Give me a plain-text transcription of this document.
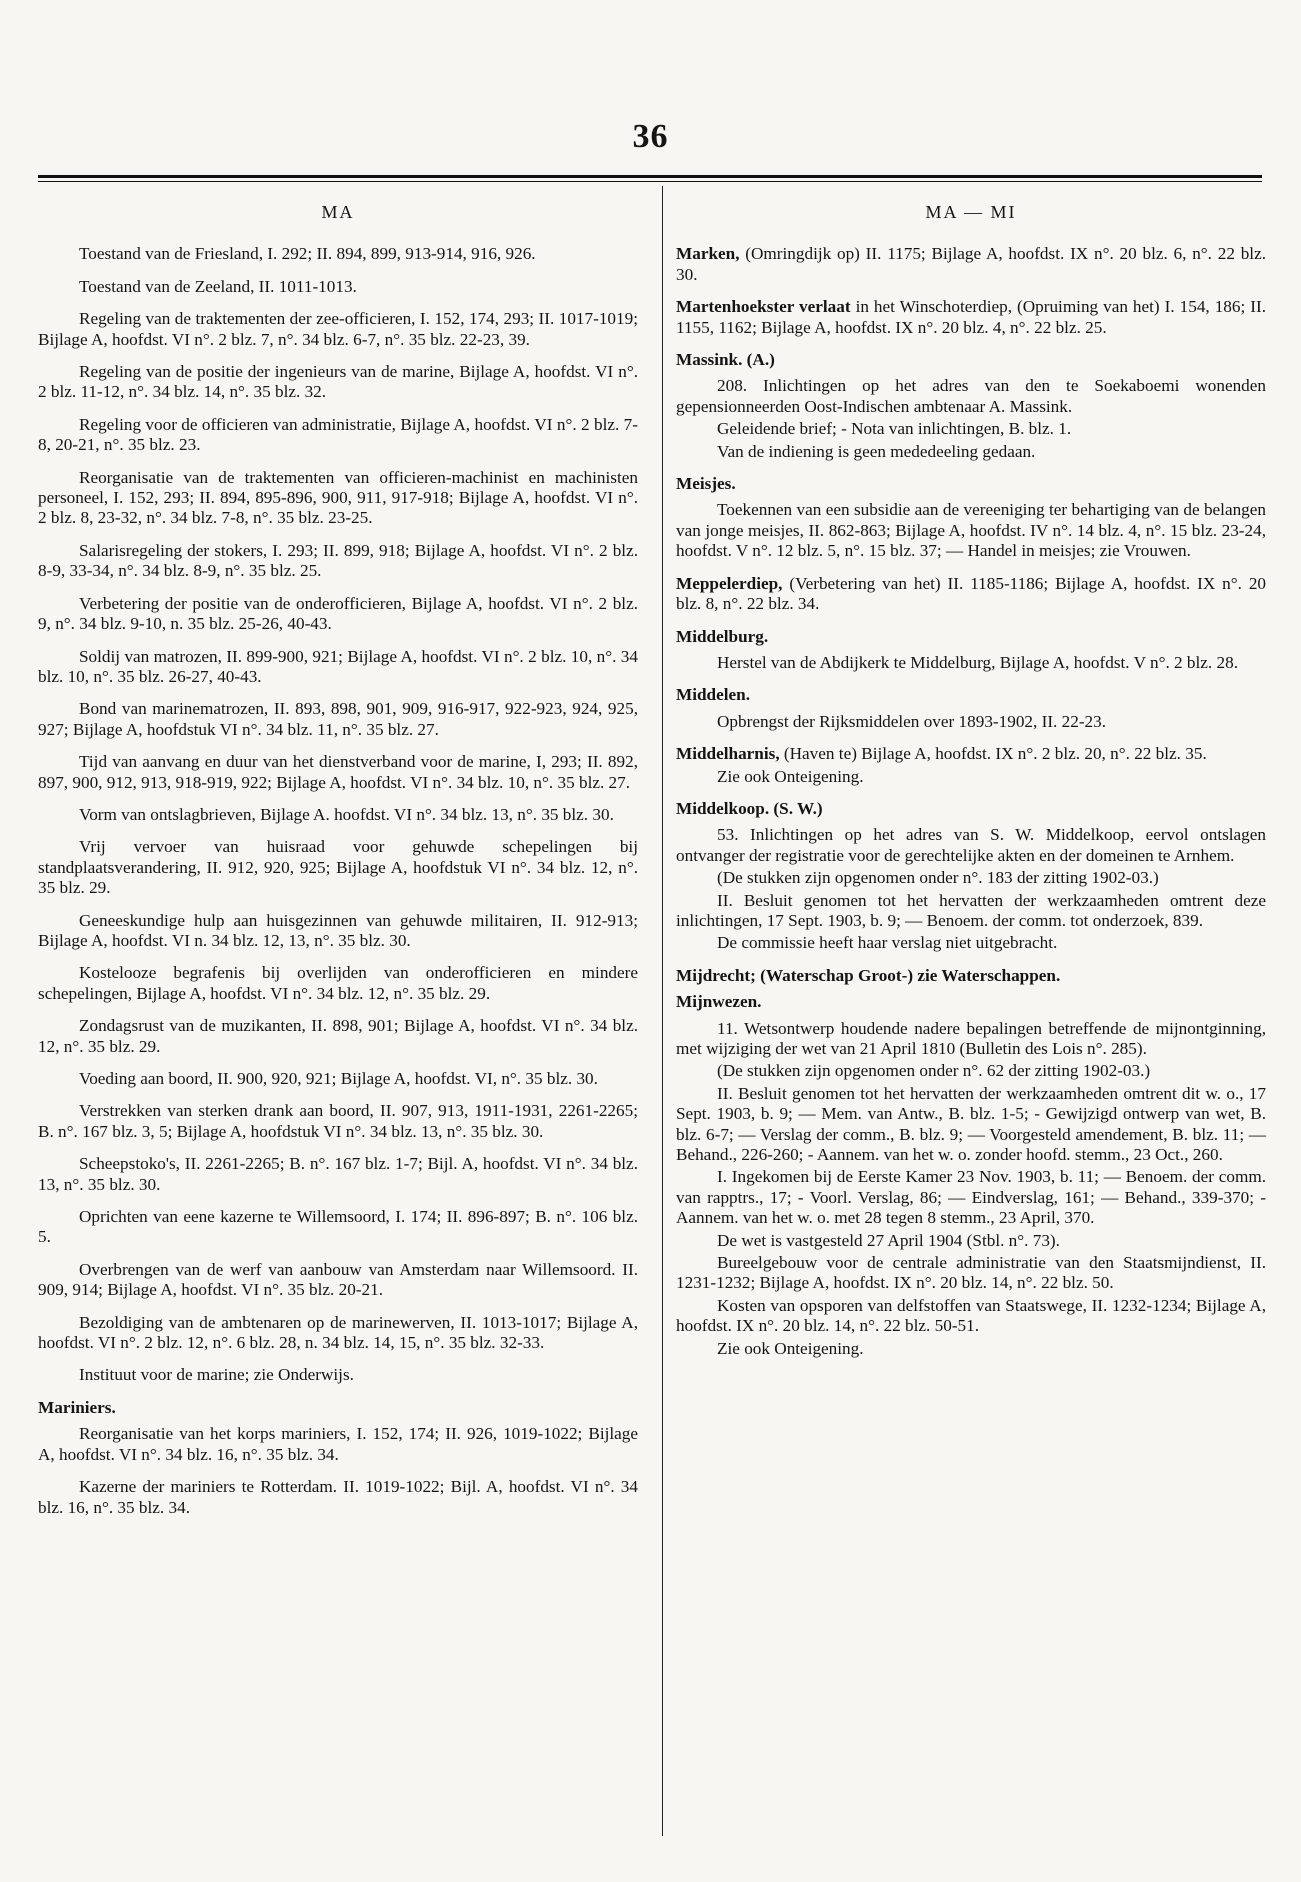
36
MA
Toestand van de Friesland, I. 292; II. 894, 899, 913-914, 916, 926.
Toestand van de Zeeland, II. 1011-1013.
Regeling van de traktementen der zee-officieren, I. 152, 174, 293; II. 1017-1019; Bijlage A, hoofdst. VI n°. 2 blz. 7, n°. 34 blz. 6-7, n°. 35 blz. 22-23, 39.
Regeling van de positie der ingenieurs van de marine, Bijlage A, hoofdst. VI n°. 2 blz. 11-12, n°. 34 blz. 14, n°. 35 blz. 32.
Regeling voor de officieren van administratie, Bijlage A, hoofdst. VI n°. 2 blz. 7-8, 20-21, n°. 35 blz. 23.
Reorganisatie van de traktementen van officieren-machinist en machinisten personeel, I. 152, 293; II. 894, 895-896, 900, 911, 917-918; Bijlage A, hoofdst. VI n°. 2 blz. 8, 23-32, n°. 34 blz. 7-8, n°. 35 blz. 23-25.
Salarisregeling der stokers, I. 293; II. 899, 918; Bijlage A, hoofdst. VI n°. 2 blz. 8-9, 33-34, n°. 34 blz. 8-9, n°. 35 blz. 25.
Verbetering der positie van de onderofficieren, Bijlage A, hoofdst. VI n°. 2 blz. 9, n°. 34 blz. 9-10, n. 35 blz. 25-26, 40-43.
Soldij van matrozen, II. 899-900, 921; Bijlage A, hoofdst. VI n°. 2 blz. 10, n°. 34 blz. 10, n°. 35 blz. 26-27, 40-43.
Bond van marinematrozen, II. 893, 898, 901, 909, 916-917, 922-923, 924, 925, 927; Bijlage A, hoofdstuk VI n°. 34 blz. 11, n°. 35 blz. 27.
Tijd van aanvang en duur van het dienstverband voor de marine, I, 293; II. 892, 897, 900, 912, 913, 918-919, 922; Bijlage A, hoofdst. VI n°. 34 blz. 10, n°. 35 blz. 27.
Vorm van ontslagbrieven, Bijlage A. hoofdst. VI n°. 34 blz. 13, n°. 35 blz. 30.
Vrij vervoer van huisraad voor gehuwde schepelingen bij standplaatsverandering, II. 912, 920, 925; Bijlage A, hoofdstuk VI n°. 34 blz. 12, n°. 35 blz. 29.
Geneeskundige hulp aan huisgezinnen van gehuwde militairen, II. 912-913; Bijlage A, hoofdst. VI n. 34 blz. 12, 13, n°. 35 blz. 30.
Kostelooze begrafenis bij overlijden van onderofficieren en mindere schepelingen, Bijlage A, hoofdst. VI n°. 34 blz. 12, n°. 35 blz. 29.
Zondagsrust van de muzikanten, II. 898, 901; Bijlage A, hoofdst. VI n°. 34 blz. 12, n°. 35 blz. 29.
Voeding aan boord, II. 900, 920, 921; Bijlage A, hoofdst. VI, n°. 35 blz. 30.
Verstrekken van sterken drank aan boord, II. 907, 913, 1911-1931, 2261-2265; B. n°. 167 blz. 3, 5; Bijlage A, hoofdstuk VI n°. 34 blz. 13, n°. 35 blz. 30.
Scheepstoko's, II. 2261-2265; B. n°. 167 blz. 1-7; Bijl. A, hoofdst. VI n°. 34 blz. 13, n°. 35 blz. 30.
Oprichten van eene kazerne te Willemsoord, I. 174; II. 896-897; B. n°. 106 blz. 5.
Overbrengen van de werf van aanbouw van Amsterdam naar Willemsoord. II. 909, 914; Bijlage A, hoofdst. VI n°. 35 blz. 20-21.
Bezoldiging van de ambtenaren op de marinewerven, II. 1013-1017; Bijlage A, hoofdst. VI n°. 2 blz. 12, n°. 6 blz. 28, n. 34 blz. 14, 15, n°. 35 blz. 32-33.
Instituut voor de marine; zie Onderwijs.
Mariniers.
Reorganisatie van het korps mariniers, I. 152, 174; II. 926, 1019-1022; Bijlage A, hoofdst. VI n°. 34 blz. 16, n°. 35 blz. 34.
Kazerne der mariniers te Rotterdam. II. 1019-1022; Bijl. A, hoofdst. VI n°. 34 blz. 16, n°. 35 blz. 34.
MA — MI
Marken, (Omringdijk op) II. 1175; Bijlage A, hoofdst. IX n°. 20 blz. 6, n°. 22 blz. 30.
Martenhoekster verlaat in het Winschoterdiep, (Opruiming van het) I. 154, 186; II. 1155, 1162; Bijlage A, hoofdst. IX n°. 20 blz. 4, n°. 22 blz. 25.
Massink. (A.)
208. Inlichtingen op het adres van den te Soekaboemi wonenden gepensionneerden Oost-Indischen ambtenaar A. Massink.
Geleidende brief; - Nota van inlichtingen, B. blz. 1.
Van de indiening is geen mededeeling gedaan.
Meisjes.
Toekennen van een subsidie aan de vereeniging ter behartiging van de belangen van jonge meisjes, II. 862-863; Bijlage A, hoofdst. IV n°. 14 blz. 4, n°. 15 blz. 23-24, hoofdst. V n°. 12 blz. 5, n°. 15 blz. 37; — Handel in meisjes; zie Vrouwen.
Meppelerdiep, (Verbetering van het) II. 1185-1186; Bijlage A, hoofdst. IX n°. 20 blz. 8, n°. 22 blz. 34.
Middelburg.
Herstel van de Abdijkerk te Middelburg, Bijlage A, hoofdst. V n°. 2 blz. 28.
Middelen.
Opbrengst der Rijksmiddelen over 1893-1902, II. 22-23.
Middelharnis, (Haven te) Bijlage A, hoofdst. IX n°. 2 blz. 20, n°. 22 blz. 35.
Zie ook Onteigening.
Middelkoop. (S. W.)
53. Inlichtingen op het adres van S. W. Middelkoop, eervol ontslagen ontvanger der registratie voor de gerechtelijke akten en der domeinen te Arnhem.
(De stukken zijn opgenomen onder n°. 183 der zitting 1902-03.)
II. Besluit genomen tot het hervatten der werkzaamheden omtrent deze inlichtingen, 17 Sept. 1903, b. 9; — Benoem. der comm. tot onderzoek, 839.
De commissie heeft haar verslag niet uitgebracht.
Mijdrecht; (Waterschap Groot-) zie Waterschappen.
Mijnwezen.
11. Wetsontwerp houdende nadere bepalingen betreffende de mijnontginning, met wijziging der wet van 21 April 1810 (Bulletin des Lois n°. 285).
(De stukken zijn opgenomen onder n°. 62 der zitting 1902-03.)
II. Besluit genomen tot het hervatten der werkzaamheden omtrent dit w. o., 17 Sept. 1903, b. 9; — Mem. van Antw., B. blz. 1-5; - Gewijzigd ontwerp van wet, B. blz. 6-7; — Verslag der comm., B. blz. 9; — Voorgesteld amendement, B. blz. 11; — Behand., 226-260; - Aannem. van het w. o. zonder hoofd. stemm., 23 Oct., 260.
I. Ingekomen bij de Eerste Kamer 23 Nov. 1903, b. 11; — Benoem. der comm. van rapptrs., 17; - Voorl. Verslag, 86; — Eindverslag, 161; — Behand., 339-370; - Aannem. van het w. o. met 28 tegen 8 stemm., 23 April, 370.
De wet is vastgesteld 27 April 1904 (Stbl. n°. 73).
Bureelgebouw voor de centrale administratie van den Staatsmijndienst, II. 1231-1232; Bijlage A, hoofdst. IX n°. 20 blz. 14, n°. 22 blz. 50.
Kosten van opsporen van delfstoffen van Staatswege, II. 1232-1234; Bijlage A, hoofdst. IX n°. 20 blz. 14, n°. 22 blz. 50-51.
Zie ook Onteigening.
